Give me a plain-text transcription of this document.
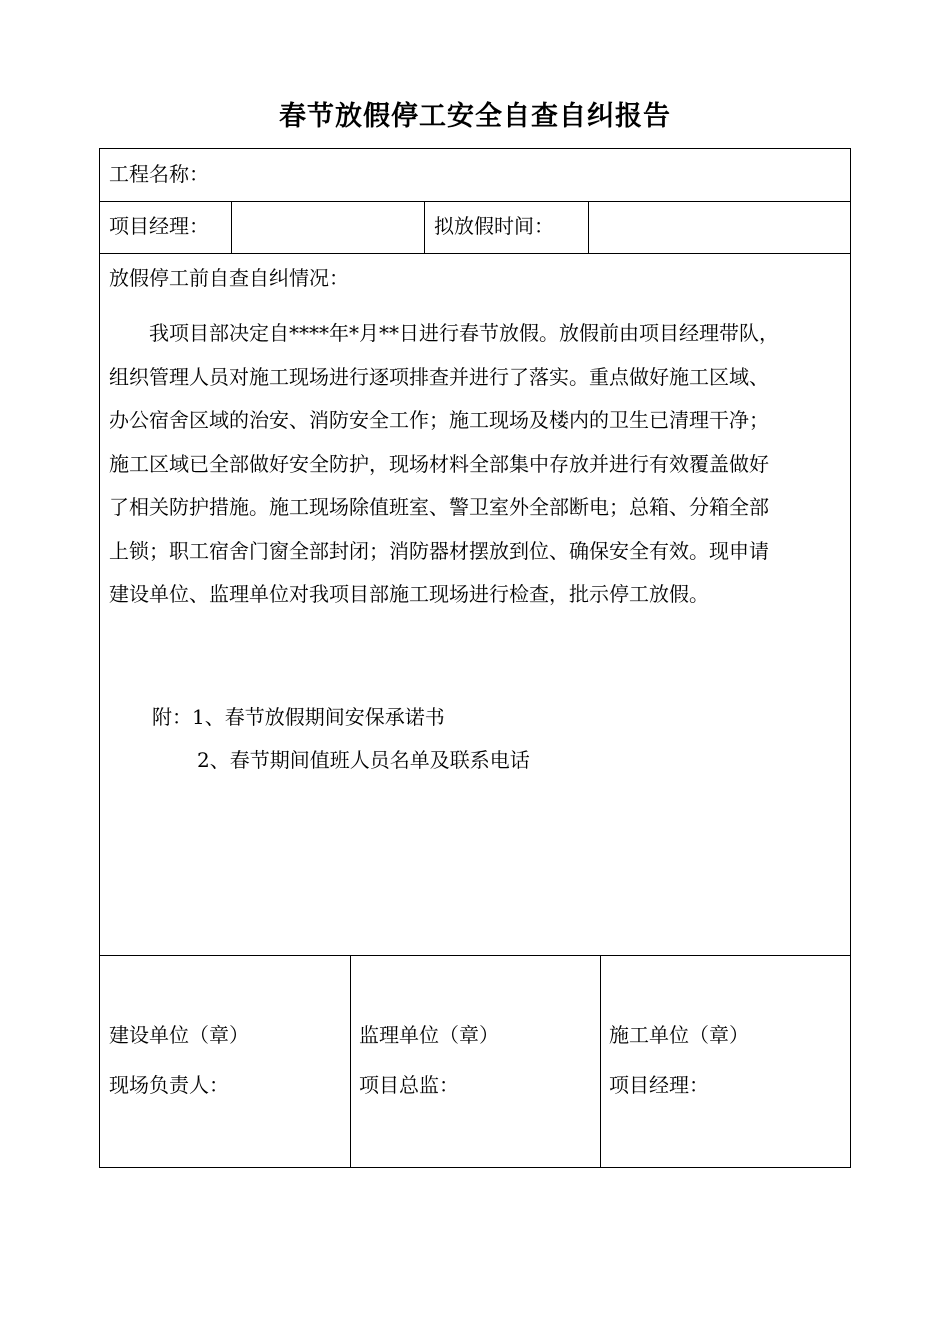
春节放假停工安全自查自纠报告
工程名称：
项目经理：	拟放假时间：
放假停工前自查自纠情况：
我项目部决定自****年*月**日进行春节放假。放假前由项目经理带队，
组织管理人员对施工现场进行逐项排查并进行了落实。重点做好施工区域、
办公宿舍区域的治安、消防安全工作；施工现场及楼内的卫生已清理干净；
施工区域已全部做好安全防护，现场材料全部集中存放并进行有效覆盖做好
了相关防护措施。施工现场除值班室、警卫室外全部断电；总箱、分箱全部
上锁；职工宿舍门窗全部封闭；消防器材摆放到位、确保安全有效。现申请
建设单位、监理单位对我项目部施工现场进行检查，批示停工放假。
附：1、春节放假期间安保承诺书
2、春节期间值班人员名单及联系电话
建设单位（章）
现场负责人：
监理单位（章）
项目总监：
施工单位（章）
项目经理：
